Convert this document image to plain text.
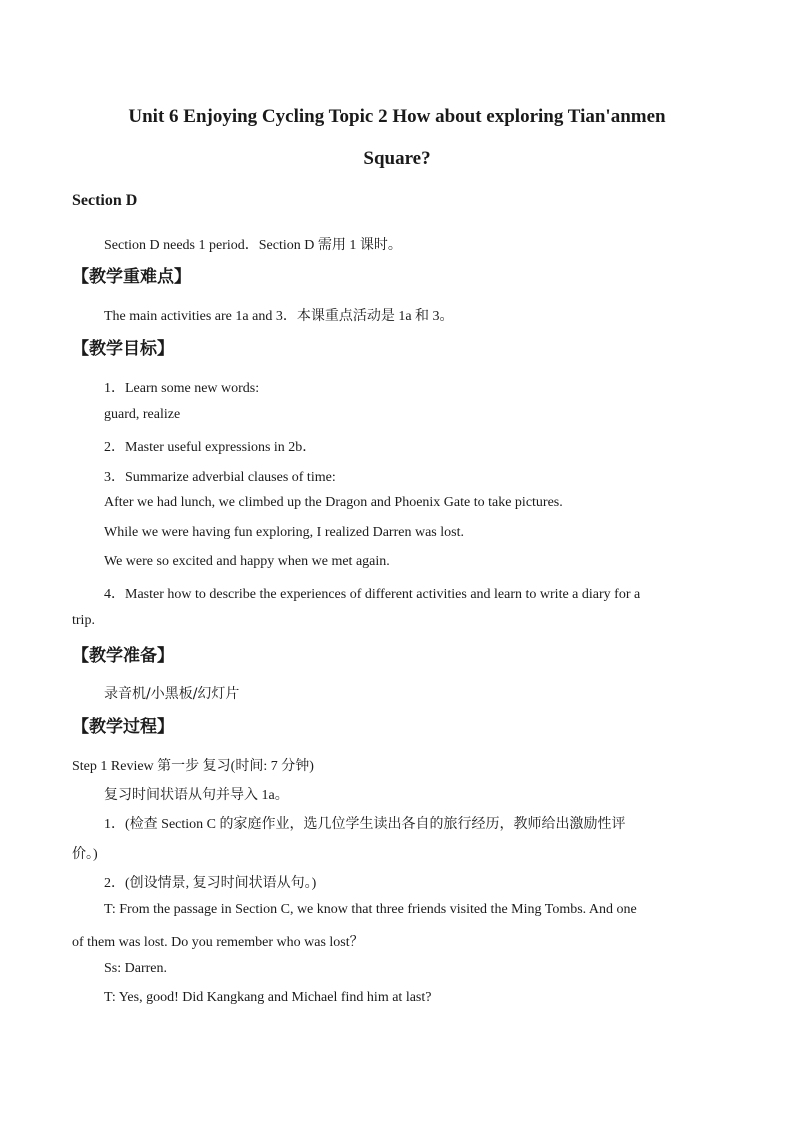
Unit 6 Enjoying Cycling Topic 2 How about exploring Tian'anmen
Square?
Section D
Section D needs 1 period．Section D 需用 1 课时。
【教学重难点】
The main activities are 1a and 3．本课重点活动是 1a 和 3。
【教学目标】
1．Learn some new words:
guard, realize
2．Master useful expressions in 2b．
3．Summarize adverbial clauses of time:
After we had lunch, we climbed up the Dragon and Phoenix Gate to take pictures.
While we were having fun exploring, I realized Darren was lost.
We were so excited and happy when we met again.
4．Master how to describe the experiences of different activities and learn to write a diary for a
trip.
【教学准备】
录音机/小黑板/幻灯片
【教学过程】
Step 1 Review 第一步 复习(时间: 7 分钟)
复习时间状语从句并导入 1a。
1．(检查 Section C 的家庭作业，选几位学生读出各自的旅行经历，教师给出激励性评
价。)
2．(创设情景, 复习时间状语从句。)
T: From the passage in Section C, we know that three friends visited the Ming Tombs. And one
of them was lost. Do you remember who was lost？
Ss: Darren.
T: Yes, good! Did Kangkang and Michael find him at last?
